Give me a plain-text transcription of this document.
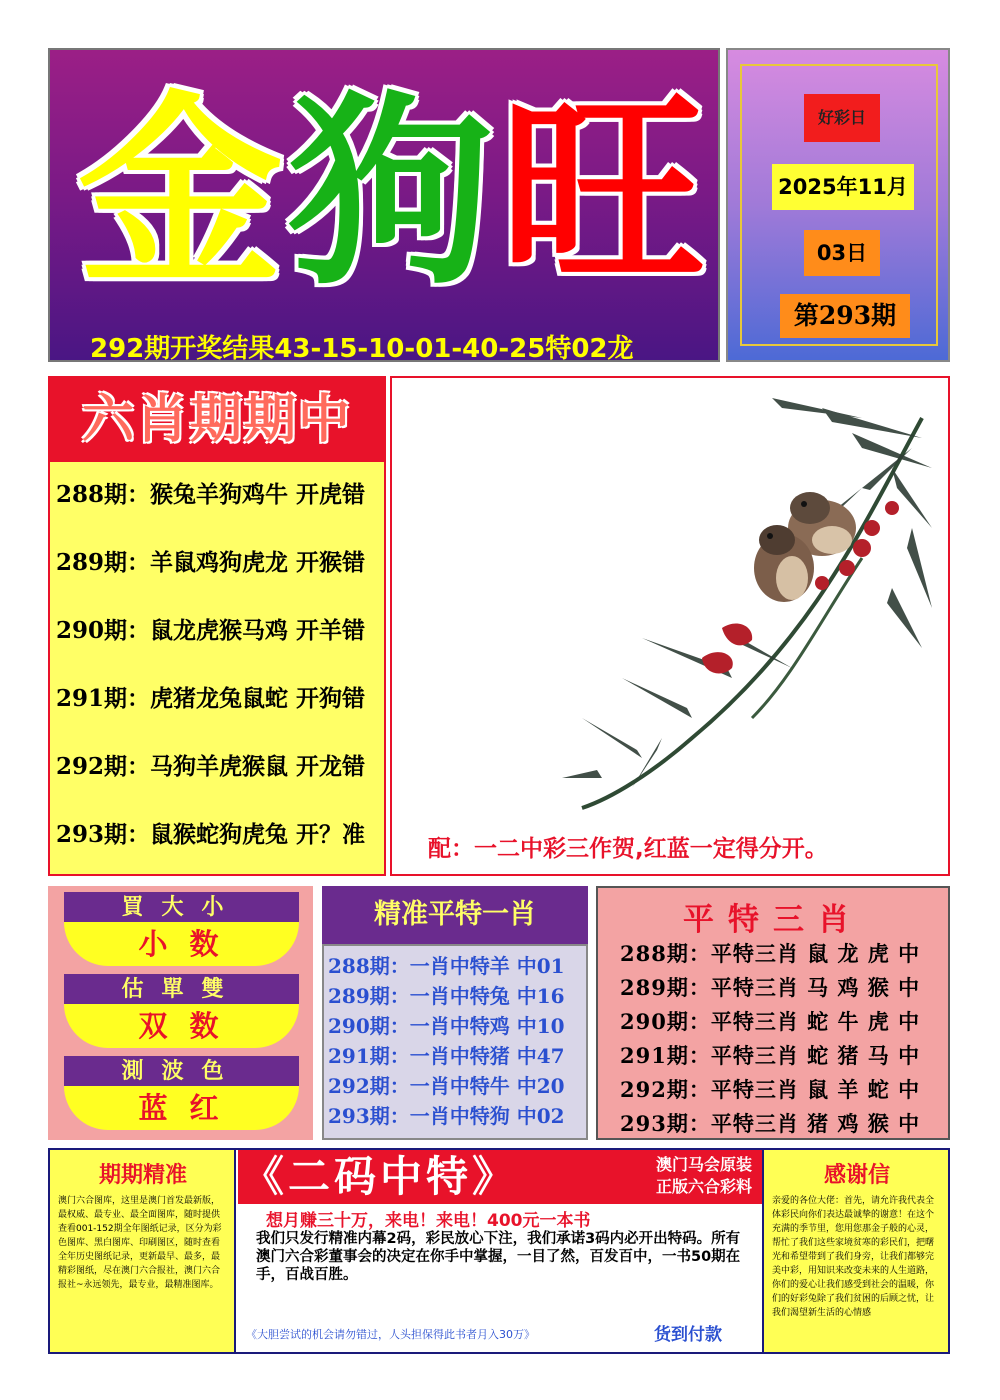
金 狗 旺
292期开奖结果43-15-10-01-40-25特02龙
好彩日
2025年11月
03日
第293期
六肖期期中
288期：猴兔羊狗鸡牛 开虎错
289期：羊鼠鸡狗虎龙 开猴错
290期：鼠龙虎猴马鸡 开羊错
291期：虎猪龙兔鼠蛇 开狗错
292期：马狗羊虎猴鼠 开龙错
293期：鼠猴蛇狗虎兔 开？准
配：一二中彩三作贺,红蓝一定得分开。
買大小
小 数
估單雙
双 数
測波色
蓝 红
精准平特一肖
288期：一肖中特羊 中01
289期：一肖中特兔 中16
290期：一肖中特鸡 中10
291期：一肖中特猪 中47
292期：一肖中特牛 中20
293期：一肖中特狗 中02
平特三肖
288期：平特三肖 鼠 龙 虎 中
289期：平特三肖 马 鸡 猴 中
290期：平特三肖 蛇 牛 虎 中
291期：平特三肖 蛇 猪 马 中
292期：平特三肖 鼠 羊 蛇 中
293期：平特三肖 猪 鸡 猴 中
期期精准
澳门六合图库，这里是澳门首发最新版，最权威、最专业、最全面图库，随时提供查看001-152期全年图纸记录，区分为彩色图库、黑白图库、印刷图区，随时查看全年历史图纸记录，更新最早、最多，最精彩图纸，尽在澳门六合报社，澳门六合报社~永远领先，最专业，最精准图库。
《二码中特》	澳门马会原装
正版六合彩料
想月赚三十万，来电！来电！400元一本书
我们只发行精准内幕2码，彩民放心下注，我们承诺3码内必开出特码。所有澳门六合彩董事会的决定在你手中掌握，一目了然，百发百中，一书50期在手，百战百胜。
《大胆尝试的机会请勿错过，人头担保得此书者月入30万》	货到付款
感谢信
亲爱的各位大佬：首先，请允许我代表全体彩民向你们表达最诚挚的谢意！在这个充满的季节里，您用您那金子般的心灵，帮忙了我们这些家境贫寒的彩民们，把曙光和希望带到了我们身旁，让我们都够完美中彩，用知识来改变未来的人生道路，你们的爱心让我们感受到社会的温暖，你们的好彩兔除了我们贫困的后顾之忧，让我们渴望新生活的心情感
